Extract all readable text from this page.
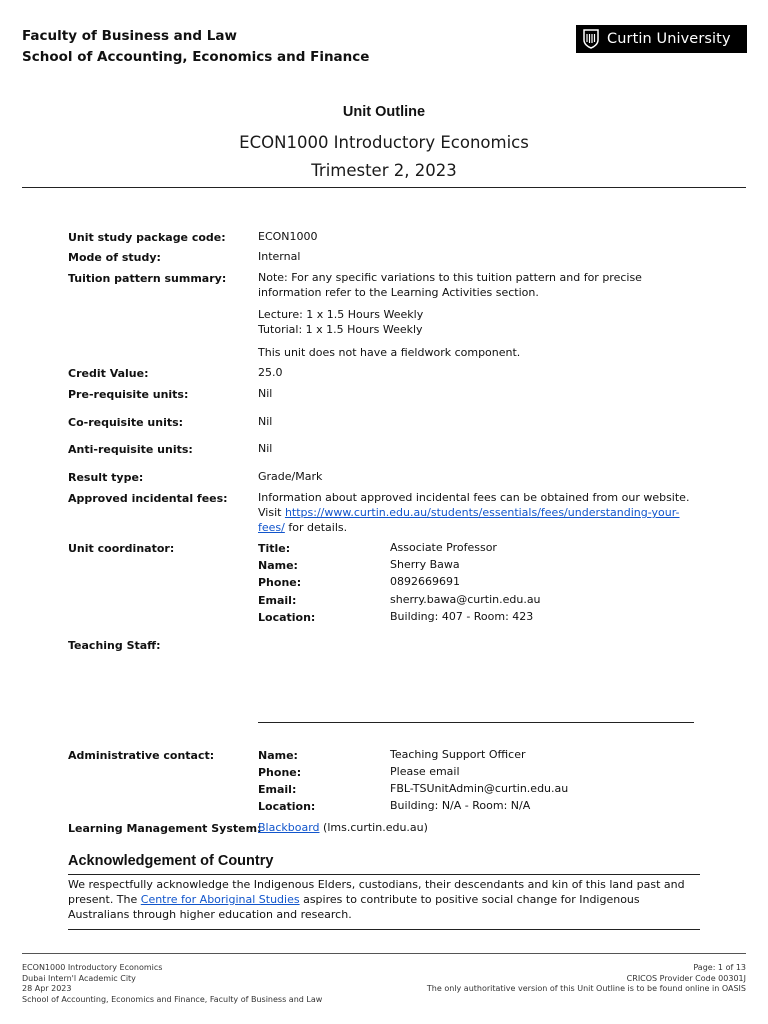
Faculty of Business and Law
School of Accounting, Economics and Finance
Curtin University
Unit Outline
ECON1000 Introductory Economics
Trimester 2, 2023
Unit study package code:	ECON1000
Mode of study:	Internal
Tuition pattern summary:	Note: For any specific variations to this tuition pattern and for precise
information refer to the Learning Activities section.
Lecture: 1 x 1.5 Hours Weekly
Tutorial: 1 x 1.5 Hours Weekly
This unit does not have a fieldwork component.
Credit Value:	25.0
Pre-requisite units:	Nil
Co-requisite units:	Nil
Anti-requisite units:	Nil
Result type:	Grade/Mark
Approved incidental fees:	Information about approved incidental fees can be obtained from our website.
Visit https://www.curtin.edu.au/students/essentials/fees/understanding-your-
fees/ for details.
Unit coordinator:	Title:	Associate Professor
Name:	Sherry Bawa
Phone:	0892669691
Email:	sherry.bawa@curtin.edu.au
Location:	Building: 407 - Room: 423
Teaching Staff:
Administrative contact:	Name:	Teaching Support Officer
Phone:	Please email
Email:	FBL-TSUnitAdmin@curtin.edu.au
Location:	Building: N/A - Room: N/A
Learning Management System:
Blackboard (lms.curtin.edu.au)
Acknowledgement of Country
We respectfully acknowledge the Indigenous Elders, custodians, their descendants and kin of this land past and
present. The Centre for Aboriginal Studies aspires to contribute to positive social change for Indigenous
Australians through higher education and research.
ECON1000 Introductory Economics
Dubai Intern'l Academic City
28 Apr 2023
School of Accounting, Economics and Finance, Faculty of Business and Law
Page: 1 of 13
CRICOS Provider Code 00301J
The only authoritative version of this Unit Outline is to be found online in OASIS
